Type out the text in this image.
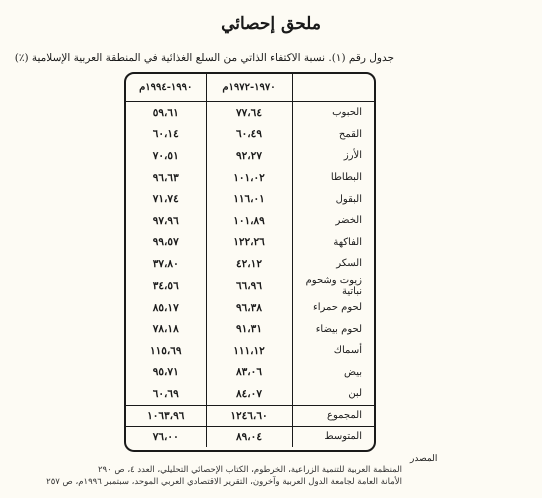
ملحق إحصائي
جدول رقم (١). نسبة الاكتفاء الذاتي من السلع الغذائية في المنطقة العربية الإسلامية (٪)
	١٩٧٠-١٩٧٢م	١٩٩٠-١٩٩٤م
الحبوب	٧٧،٦٤	٥٩،٦١
القمح	٦٠،٤٩	٦٠،١٤
الأرز	٩٢،٢٧	٧٠،٥١
البطاطا	١٠١،٠٢	٩٦،٦٣
البقول	١١٦،٠١	٧١،٧٤
الخضر	١٠١،٨٩	٩٧،٩٦
الفاكهة	١٢٢،٢٦	٩٩،٥٧
السكر	٤٢،١٢	٣٧،٨٠
زيوت وشحوم نباتية	٦٦،٩٦	٣٤،٥٦
لحوم حمراء	٩٦،٣٨	٨٥،١٧
لحوم بيضاء	٩١،٣١	٧٨،١٨
أسماك	١١١،١٢	١١٥،٦٩
بيض	٨٣،٠٦	٩٥،٧١
لبن	٨٤،٠٧	٦٠،٦٩
المجموع	١٢٤٦،٦٠	١٠٦٣،٩٦
المتوسط	٨٩،٠٤	٧٦،٠٠
المصدر
المنظمة العربية للتنمية الزراعية، الخرطوم، الكتاب الإحصائي التحليلي، العدد ٤، ص ٢٩٠
الأمانة العامة لجامعة الدول العربية وآخرون، التقرير الاقتصادي العربي الموحد، سبتمبر ١٩٩٦م، ص ٢٥٧
